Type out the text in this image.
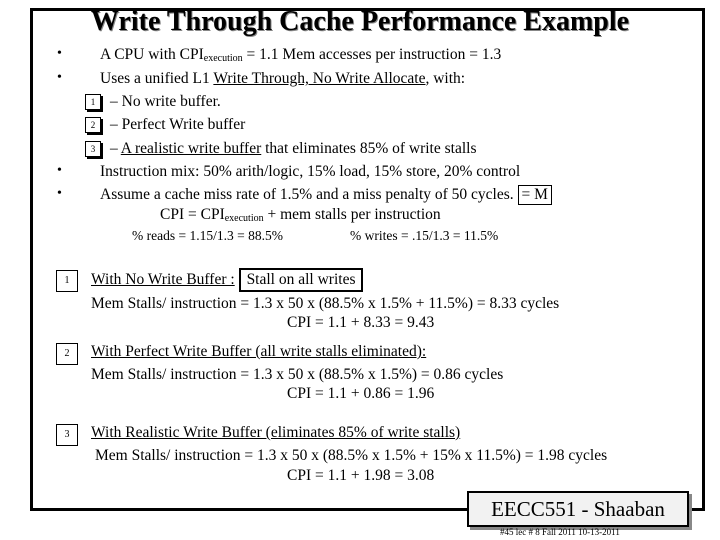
Write Through Cache Performance Example
• A CPU with $CPI_{execution} = 1.1$ Mem accesses per instruction = 1.3
• Uses a unified L1 Write Through, No Write Allocate, with:
1 – No write buffer.
2 – Perfect Write buffer
3 – A realistic write buffer that eliminates 85% of write stalls
• Instruction mix: 50% arith/logic, 15% load, 15% store, 20% control
• Assume a cache miss rate of 1.5% and a miss penalty of 50 cycles. = M
CPI = $CPI_{execution}$ + mem stalls per instruction
% reads = 1.15/1.3 = 88.5%	% writes = .15/1.3 = 11.5%
1	With No Write Buffer : Stall on all writes
Mem Stalls/ instruction = 1.3 x 50 x (88.5% x 1.5% + 11.5%) = 8.33 cycles
CPI = 1.1 + 8.33 = 9.43
2	With Perfect Write Buffer (all write stalls eliminated):
Mem Stalls/ instruction = 1.3 x 50 x (88.5% x 1.5%) = 0.86 cycles
CPI = 1.1 + 0.86 = 1.96
3	With Realistic Write Buffer (eliminates 85% of write stalls)
Mem Stalls/ instruction = 1.3 x 50 x (88.5% x 1.5% + 15% x 11.5%) = 1.98 cycles
CPI = 1.1 + 1.98 = 3.08
EECC551 - Shaaban
#45 lec # 8 Fall 2011 10-13-2011
